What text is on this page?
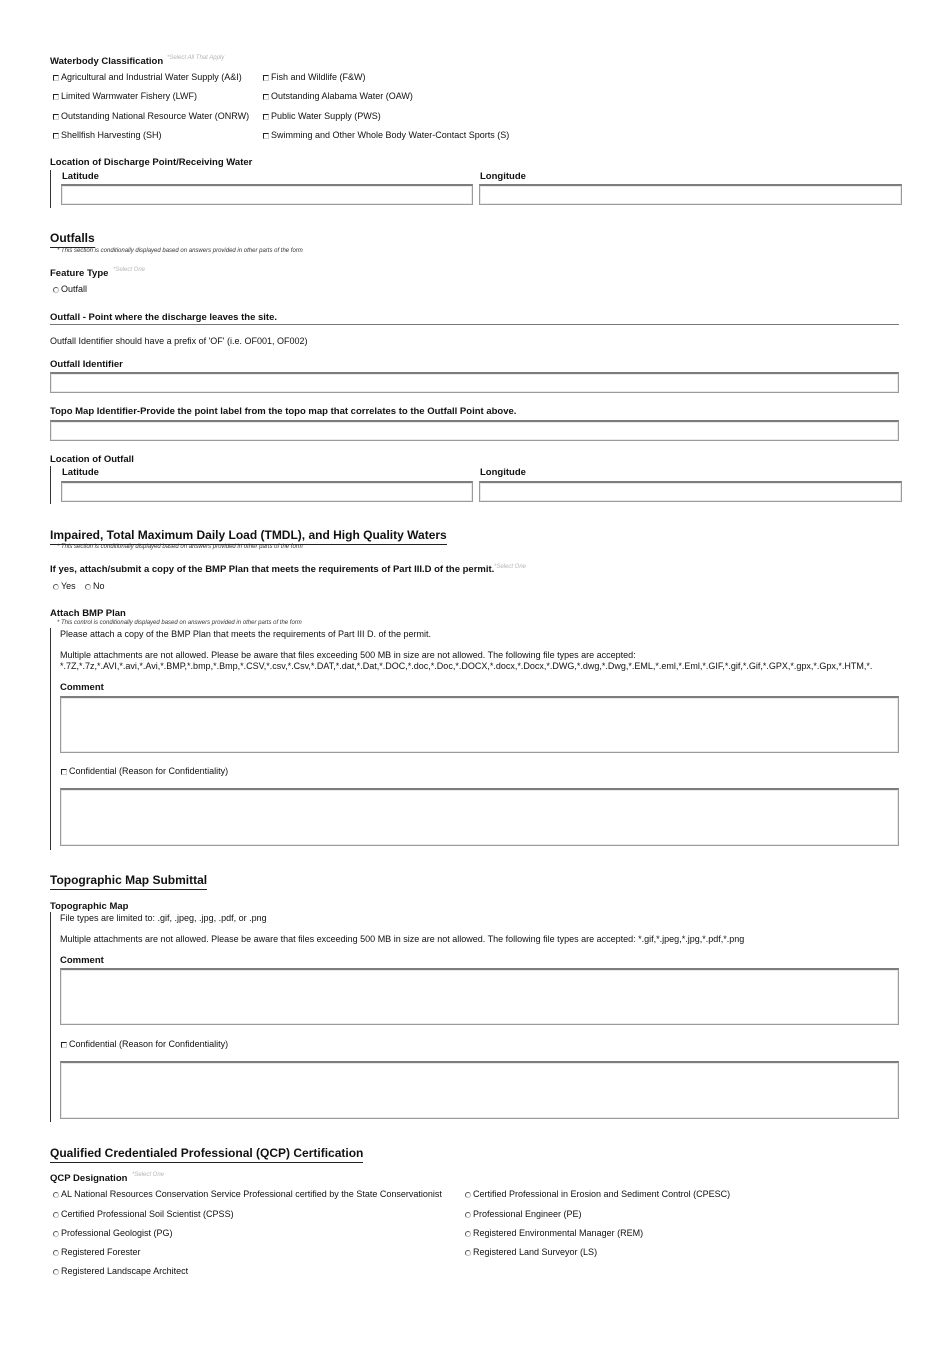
Waterbody Classification *Select All That Apply
Agricultural and Industrial Water Supply (A&I)	Fish and Wildlife (F&W)
Limited Warmwater Fishery (LWF)	Outstanding Alabama Water (OAW)
Outstanding National Resource Water (ONRW) Public Water Supply (PWS)
Shellfish Harvesting (SH)	Swimming and Other Whole Body Water-Contact Sports (S)
Location of Discharge Point/Receiving Water
Latitude	Longitude
Outfalls
* This section is conditionally displayed based on answers provided in other parts of the form
Feature Type *Select One
Outfall
Outfall - Point where the discharge leaves the site.
Outfall Identifier should have a prefix of 'OF' (i.e. OF001, OF002)
Outfall Identifier
Topo Map Identifier-Provide the point label from the topo map that correlates to the Outfall Point above.
Location of Outfall
Latitude	Longitude
Impaired, Total Maximum Daily Load (TMDL), and High Quality Waters
* This section is conditionally displayed based on answers provided in other parts of the form
If yes, attach/submit a copy of the BMP Plan that meets the requirements of Part III.D of the permit. *Select One
Yes No
Attach BMP Plan
* This control is conditionally displayed based on answers provided in other parts of the form
Please attach a copy of the BMP Plan that meets the requirements of Part III D. of the permit.
Multiple attachments are not allowed. Please be aware that files exceeding 500 MB in size are not allowed. The following file types are accepted:
*.7Z,*.7z,*.AVI,*.avi,*.Avi,*.BMP,*.bmp,*.Bmp,*.CSV,*.csv,*.Csv,*.DAT,*.dat,*.Dat,*.DOC,*.doc,*.Doc,*.DOCX,*.docx,*.Docx,*.DWG,*.dwg,*.Dwg,*.EML,*.eml,*.Eml,*.GIF,*.gif,*.Gif,*.GPX,*.gpx,*.Gpx,*.HTM,*.
Comment
Confidential (Reason for Confidentiality)
Topographic Map Submittal
Topographic Map
File types are limited to: .gif, .jpeg, .jpg, .pdf, or .png
Multiple attachments are not allowed. Please be aware that files exceeding 500 MB in size are not allowed. The following file types are accepted: *.gif,*.jpeg,*.jpg,*.pdf,*.png
Comment
Confidential (Reason for Confidentiality)
Qualified Credentialed Professional (QCP) Certification
QCP Designation *Select One
AL National Resources Conservation Service Professional certified by the State Conservationist	Certified Professional in Erosion and Sediment Control (CPESC)
Certified Professional Soil Scientist (CPSS)	Professional Engineer (PE)
Professional Geologist (PG)	Registered Environmental Manager (REM)
Registered Forester	Registered Land Surveyor (LS)
Registered Landscape Architect
